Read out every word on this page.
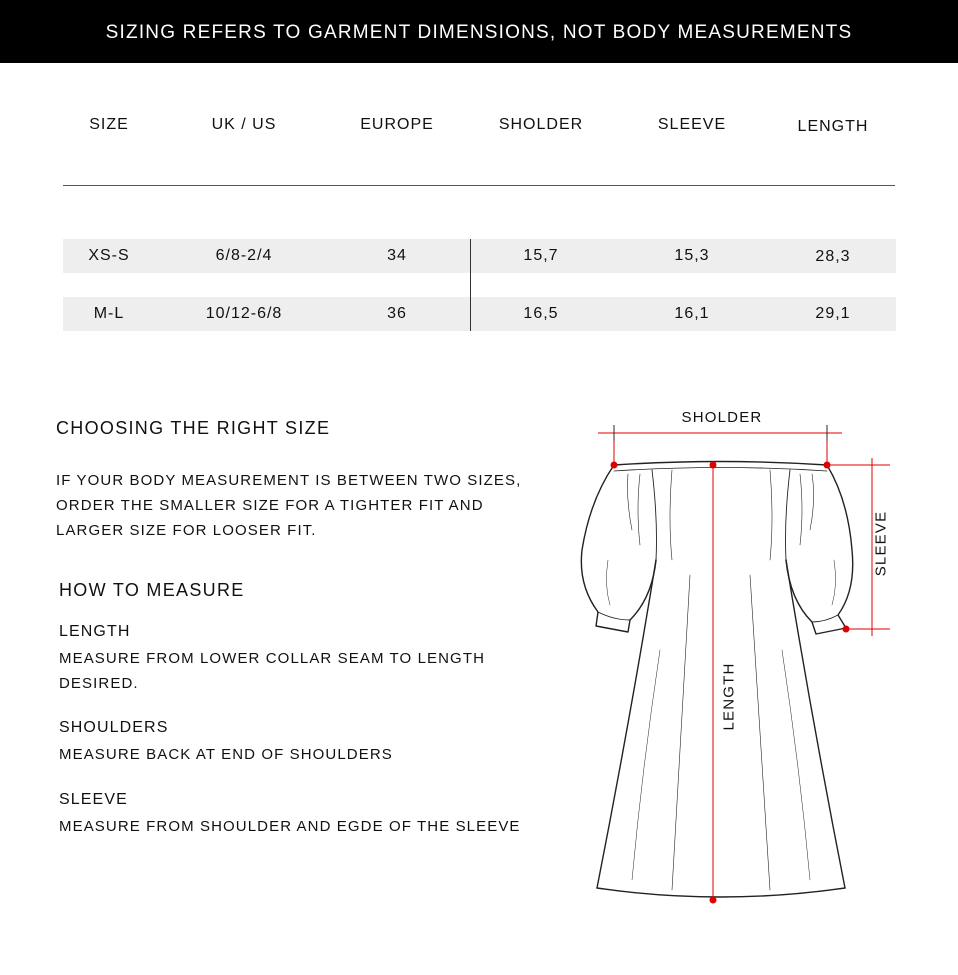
SIZING REFERS TO GARMENT DIMENSIONS, NOT BODY MEASUREMENTS
SIZE	UK / US	EUROPE	SHOLDER	SLEEVE	LENGTH
XS-S	6/8-2/4	34	15,7	15,3	28,3
M-L	10/12-6/8	36	16,5	16,1	29,1
CHOOSING THE RIGHT SIZE
IF YOUR BODY MEASUREMENT IS BETWEEN TWO SIZES,
ORDER THE SMALLER SIZE FOR A TIGHTER FIT AND
LARGER SIZE FOR LOOSER FIT.
HOW TO MEASURE
LENGTH
MEASURE FROM LOWER COLLAR SEAM TO LENGTH
DESIRED.
SHOULDERS
MEASURE BACK AT END OF SHOULDERS
SLEEVE
MEASURE FROM SHOULDER AND EGDE OF THE SLEEVE
SHOLDER
SLEEVE
LENGTH
